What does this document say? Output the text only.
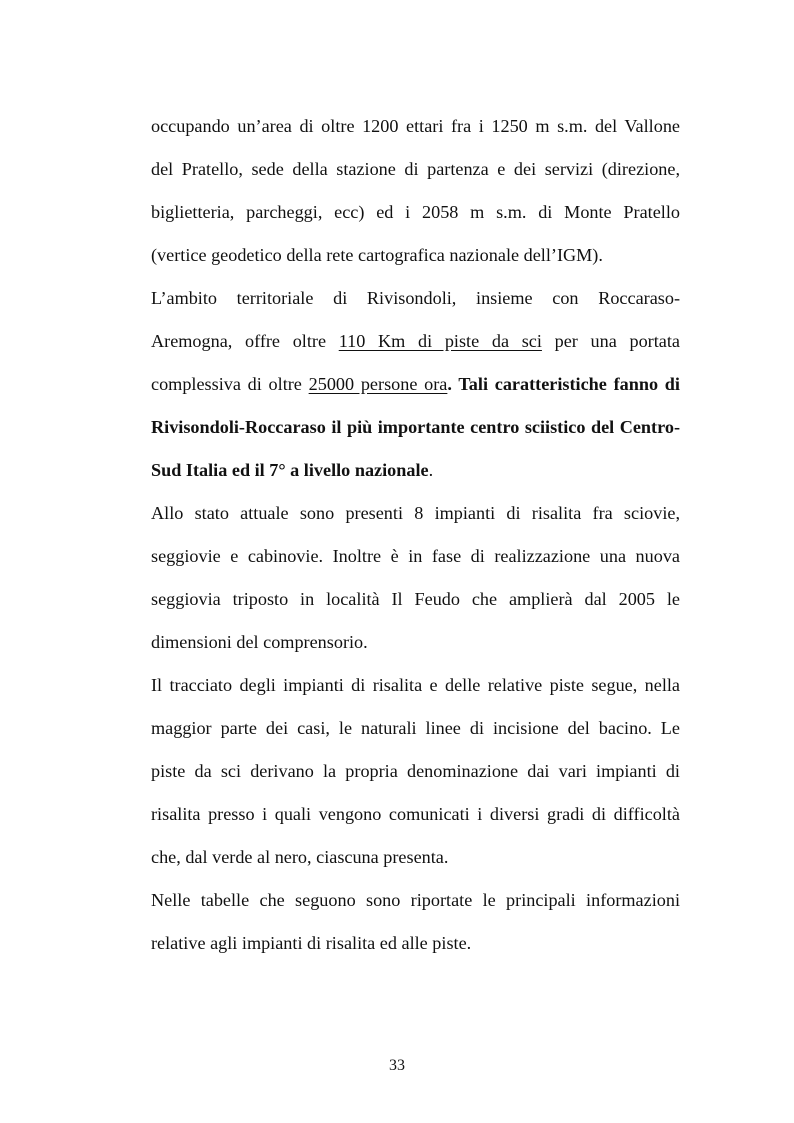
occupando un’area di oltre 1200 ettari fra i 1250 m s.m. del Vallone
del Pratello, sede della stazione di partenza e dei servizi (direzione,
biglietteria, parcheggi, ecc) ed i 2058 m s.m. di Monte Pratello
(vertice geodetico della rete cartografica nazionale dell’IGM).
L’ambito territoriale di Rivisondoli, insieme con Roccaraso-
Aremogna, offre oltre 110 Km di piste da sci per una portata
complessiva di oltre 25000 persone ora. Tali caratteristiche fanno di
Rivisondoli-Roccaraso il più importante centro sciistico del Centro-
Sud Italia ed il 7° a livello nazionale.
Allo stato attuale sono presenti 8 impianti di risalita fra sciovie,
seggiovie e cabinovie. Inoltre è in fase di realizzazione una nuova
seggiovia triposto in località Il Feudo che amplierà dal 2005 le
dimensioni del comprensorio.
Il tracciato degli impianti di risalita e delle relative piste segue, nella
maggior parte dei casi, le naturali linee di incisione del bacino. Le
piste da sci derivano la propria denominazione dai vari impianti di
risalita presso i quali vengono comunicati i diversi gradi di difficoltà
che, dal verde al nero, ciascuna presenta.
Nelle tabelle che seguono sono riportate le principali informazioni
relative agli impianti di risalita ed alle piste.
33
